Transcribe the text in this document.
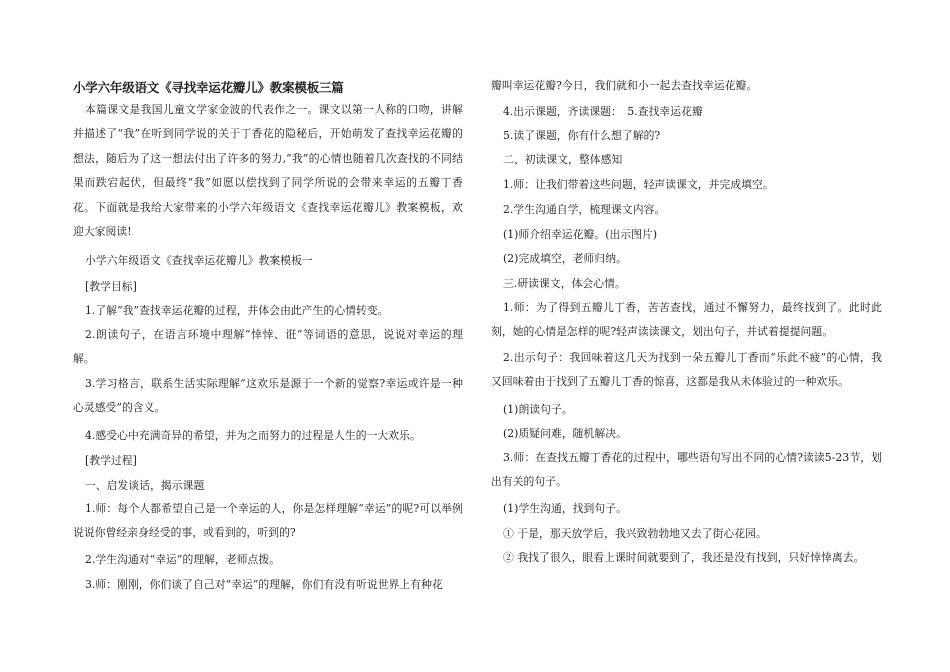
小学六年级语文《寻找幸运花瓣儿》教案模板三篇
本篇课文是我国儿童文学家金波的代表作之一。课文以第一人称的口吻，讲解并描述了“我”在听到同学说的关于丁香花的隐秘后，开始萌发了查找幸运花瓣的想法，随后为了这一想法付出了许多的努力,“我”的心情也随着几次查找的不同结果而跌宕起伏，但最终“我”如愿以偿找到了同学所说的会带来幸运的五瓣丁香花。下面就是我给大家带来的小学六年级语文《查找幸运花瓣儿》教案模板，欢迎大家阅读!
小学六年级语文《查找幸运花瓣儿》教案模板一
[教学目标]
1.了解“我”查找幸运花瓣的过程，并体会由此产生的心情转变。
2.朗读句子，在语言环境中理解“悻悻、诳”等词语的意思，说说对幸运的理解。
3.学习格言，联系生活实际理解“这欢乐是源于一个新的觉察?幸运或许是一种心灵感受”的含义。
4.感受心中充满奇异的希望，并为之而努力的过程是人生的一大欢乐。
[教学过程]
一、启发谈话，揭示课题
1.师：每个人都希望自己是一个幸运的人，你是怎样理解“幸运”的呢?可以举例说说你曾经亲身经受的事，或看到的，听到的?
2.学生沟通对“幸运”的理解，老师点拨。
3.师：刚刚，你们谈了自己对“幸运”的理解，你们有没有听说世界上有种花
瓣叫幸运花瓣?今日，我们就和小一起去查找幸运花瓣。
4.出示课题，齐读课题：　5.查找幸运花瓣
5.读了课题，你有什么想了解的?
二、初读课文，整体感知
1.师：让我们带着这些问题，轻声读课文，并完成填空。
2.学生沟通自学，梳理课文内容。
(1)师介绍幸运花瓣。(出示图片)
(2)完成填空，老师归纳。
三.研读课文，体会心情。
1.师：为了得到五瓣儿丁香，苦苦查找，通过不懈努力，最终找到了。此时此刻，她的心情是怎样的呢?轻声读读课文，划出句子，并试着提提问题。
2.出示句子：我回味着这几天为找到一朵五瓣儿丁香而“乐此不疲”的心情，我又回味着由于找到了五瓣儿丁香的惊喜，这都是我从未体验过的一种欢乐。
(1)朗读句子。
(2)质疑问难，随机解决。
3.师：在查找五瓣丁香花的过程中，哪些语句写出不同的心情?读读5-23节，划出有关的句子。
(1)学生沟通，找到句子。
① 于是，那天放学后，我兴致勃勃地又去了街心花园。
② 我找了很久，眼看上课时间就要到了，我还是没有找到，只好悻悻离去。
